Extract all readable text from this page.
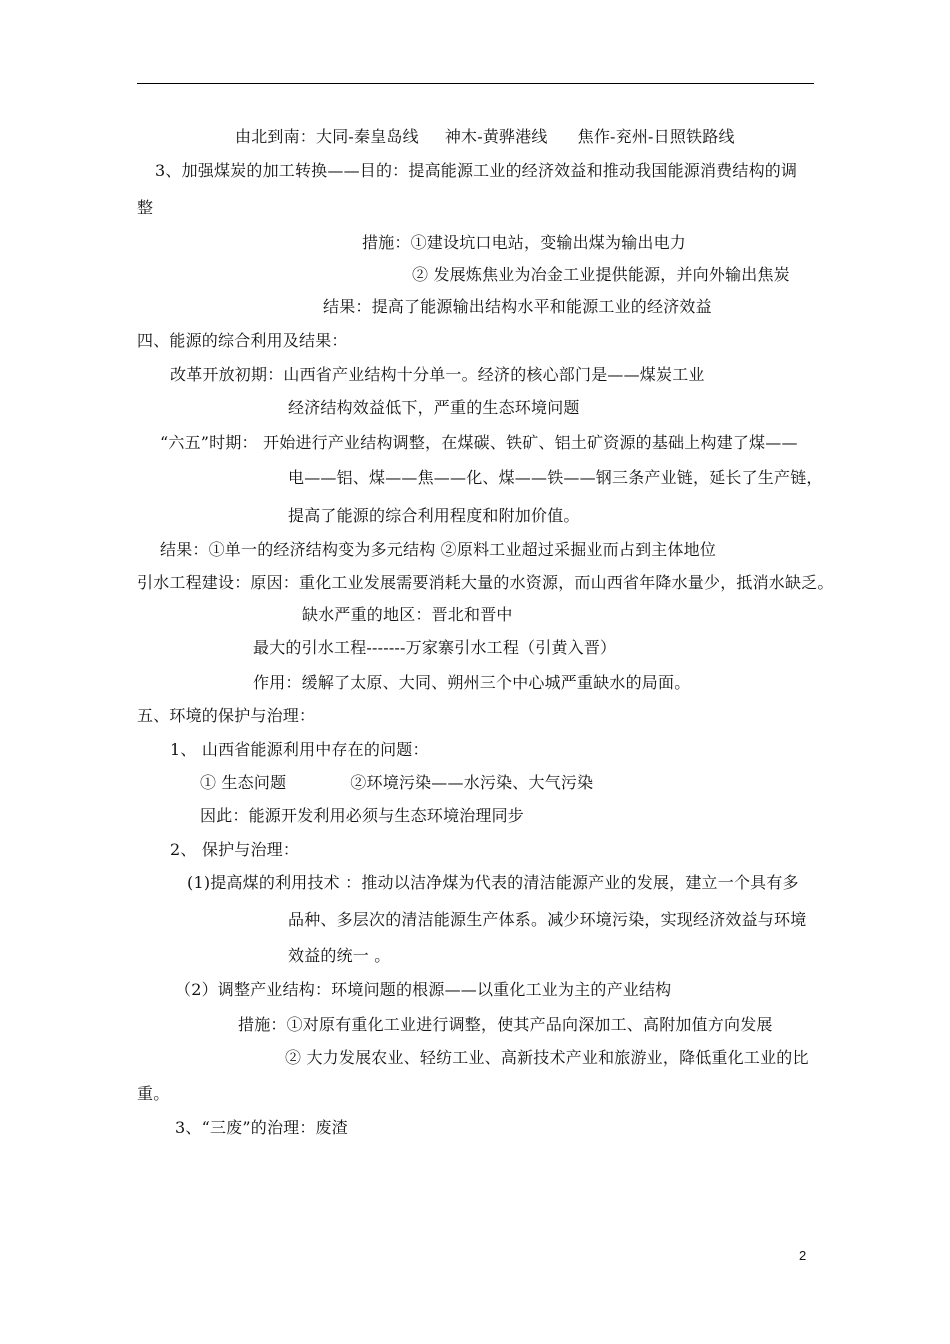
由北到南：大同-秦皇岛线 神木-黄骅港线 焦作-兖州-日照铁路线
3、加强煤炭的加工转换——目的：提高能源工业的经济效益和推动我国能源消费结构的调
整
措施：①建设坑口电站，变输出煤为输出电力
② 发展炼焦业为冶金工业提供能源，并向外输出焦炭
结果：提高了能源输出结构水平和能源工业的经济效益
四、能源的综合利用及结果：
改革开放初期：山西省产业结构十分单一。经济的核心部门是——煤炭工业
经济结构效益低下，严重的生态环境问题
“六五”时期： 开始进行产业结构调整，在煤碳、铁矿、铝土矿资源的基础上构建了煤——
电——铝、煤——焦——化、煤——铁——钢三条产业链，延长了生产链，
提高了能源的综合利用程度和附加价值。
结果：①单一的经济结构变为多元结构 ②原料工业超过采掘业而占到主体地位
引水工程建设：原因：重化工业发展需要消耗大量的水资源，而山西省年降水量少，抵消水缺乏。
缺水严重的地区：晋北和晋中
最大的引水工程-------万家寨引水工程（引黄入晋）
作用：缓解了太原、大同、朔州三个中心城严重缺水的局面。
五、环境的保护与治理：
1、 山西省能源利用中存在的问题：
① 生态问题	②环境污染——水污染、大气污染
因此：能源开发利用必须与生态环境治理同步
2、 保护与治理：
(1)提高煤的利用技术 ：推动以洁净煤为代表的清洁能源产业的发展，建立一个具有多
品种、多层次的清洁能源生产体系。减少环境污染，实现经济效益与环境
效益的统一 。
（2）调整产业结构：环境问题的根源——以重化工业为主的产业结构
措施：①对原有重化工业进行调整，使其产品向深加工、高附加值方向发展
② 大力发展农业、轻纺工业、高新技术产业和旅游业，降低重化工业的比
重。
3、“三废”的治理：废渣
2
